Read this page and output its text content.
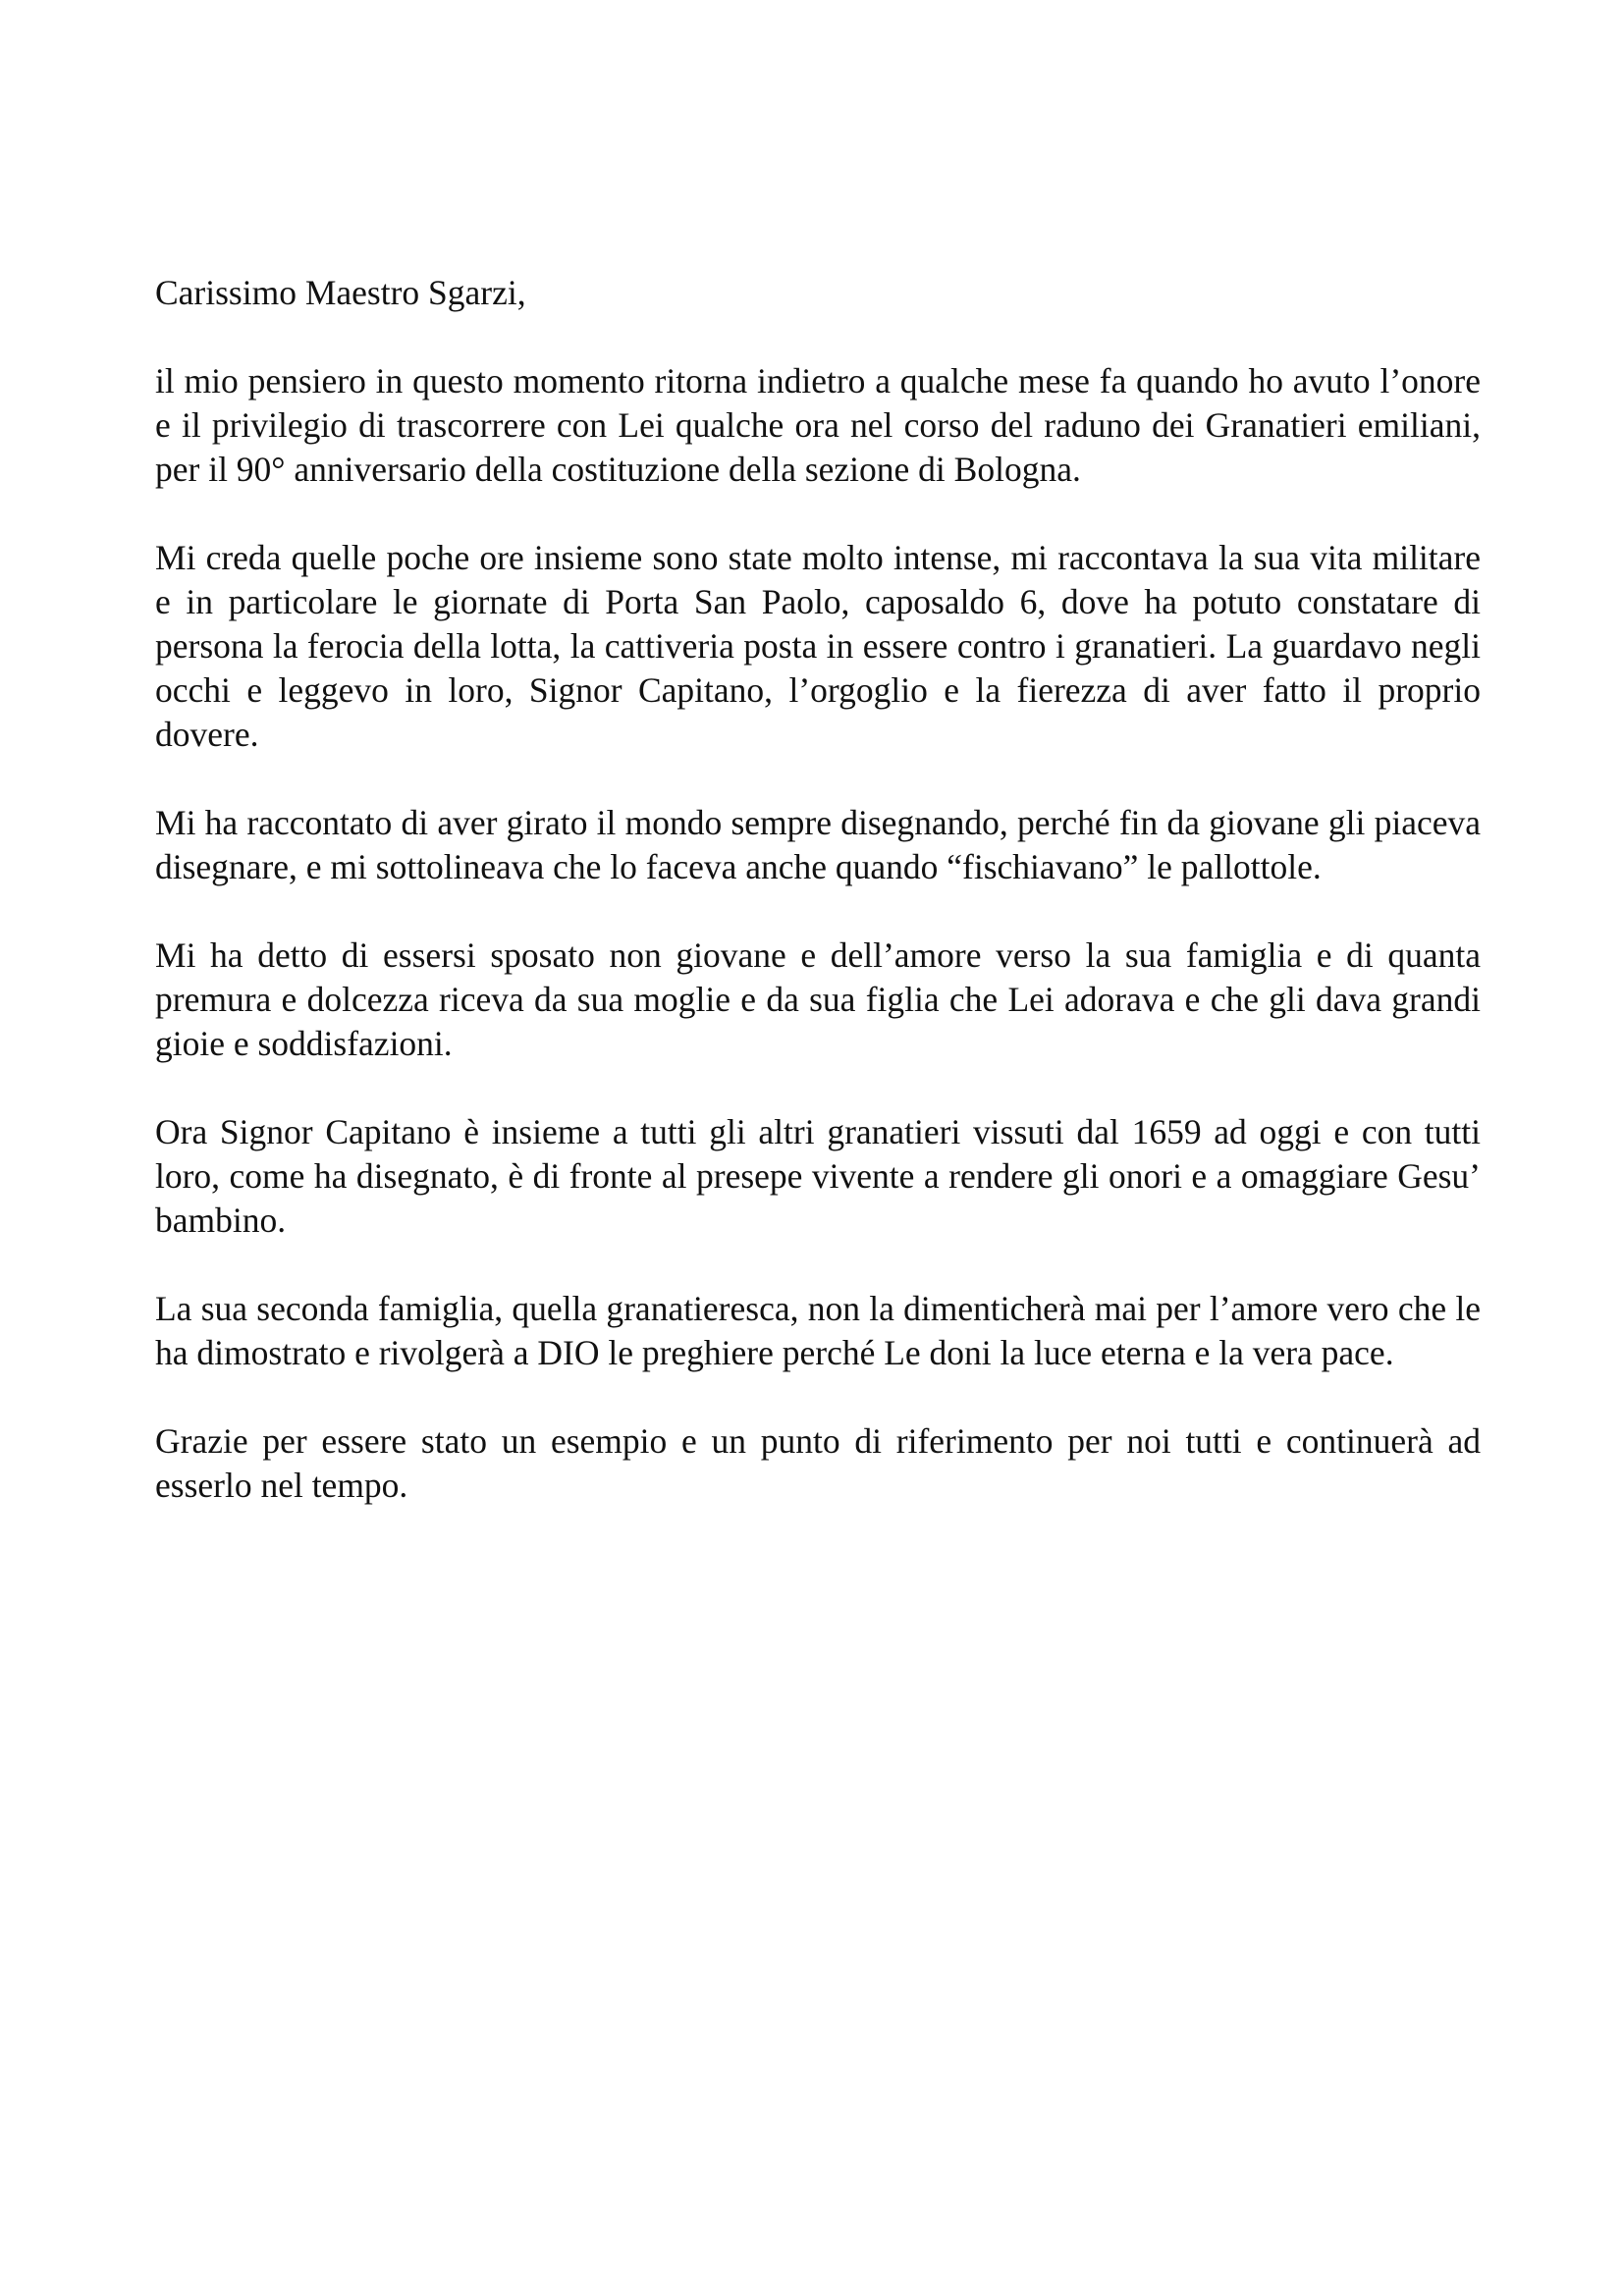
Carissimo Maestro Sgarzi,

il mio pensiero in questo momento ritorna indietro a qualche mese fa quando ho avuto l’onore e il privilegio di trascorrere con Lei qualche ora nel corso del raduno dei Granatieri emiliani, per il 90° anniversario della costituzione della sezione di Bologna.

Mi creda quelle poche ore insieme sono state molto intense, mi raccontava la sua vita militare e in particolare le giornate di Porta San Paolo, caposaldo 6, dove ha potuto constatare di persona la ferocia della lotta, la cattiveria posta in essere contro i granatieri. La guardavo negli occhi e leggevo in loro, Signor Capitano, l’orgoglio e la fierezza di aver fatto il proprio dovere.

Mi ha raccontato di aver girato il mondo sempre disegnando, perché fin da giovane gli piaceva disegnare, e mi sottolineava che lo faceva anche quando “fischiavano” le pallottole.

Mi ha detto di essersi sposato non giovane e dell’amore verso la sua famiglia e di quanta premura e dolcezza riceva da sua moglie e da sua figlia che Lei adorava e che gli dava grandi gioie e soddisfazioni.

Ora Signor Capitano è insieme a tutti gli altri granatieri vissuti dal 1659 ad oggi e con tutti loro, come ha disegnato, è di fronte al presepe vivente a rendere gli onori e a omaggiare Gesu’ bambino.

La sua seconda famiglia, quella granatieresca, non la dimenticherà mai per l’amore vero che le ha dimostrato e rivolgerà a DIO le preghiere perché Le doni la luce eterna e la vera pace.

Grazie per essere stato un esempio e un punto di riferimento per noi tutti e continuerà ad esserlo nel tempo.
